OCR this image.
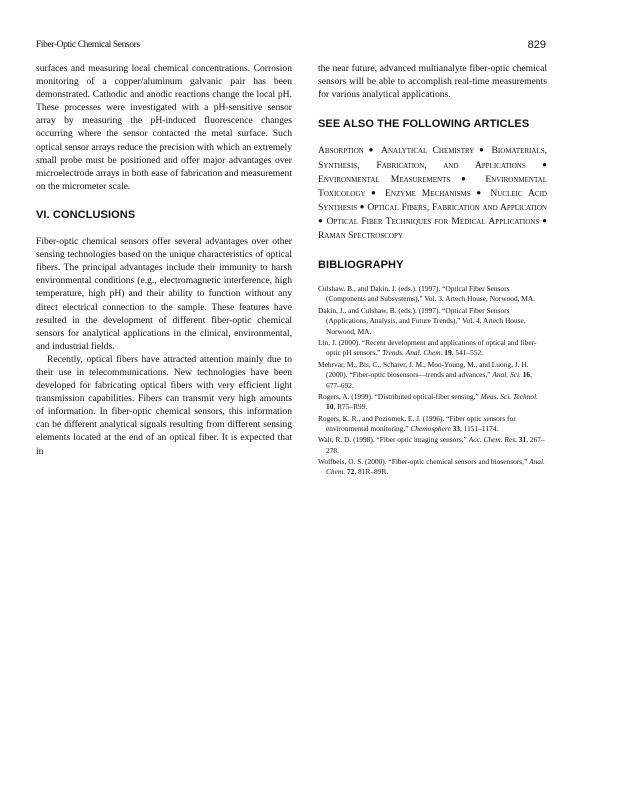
Fiber-Optic Chemical Sensors	829

surfaces and measuring local chemical concentrations. Corrosion monitoring of a copper/aluminum galvanic pair has been demonstrated. Cathodic and anodic reactions change the local pH. These processes were investigated with a pH-sensitive sensor array by measuring the pH-induced fluorescence changes occurring where the sensor contacted the metal surface. Such optical sensor arrays reduce the precision with which an extremely small probe must be positioned and offer major advantages over microelectrode arrays in both ease of fabrication and measurement on the micrometer scale.

VI. CONCLUSIONS

Fiber-optic chemical sensors offer several advantages over other sensing technologies based on the unique characteristics of optical fibers. The principal advantages include their immunity to harsh environmental conditions (e.g., electromagnetic interference, high temperature, high pH) and their ability to function without any direct electrical connection to the sample. These features have resulted in the development of different fiber-optic chemical sensors for analytical applications in the clinical, environmental, and industrial fields.

Recently, optical fibers have attracted attention mainly due to their use in telecommunications. New technologies have been developed for fabricating optical fibers with very efficient light transmission capabilities. Fibers can transmit very high amounts of information. In fiber-optic chemical sensors, this information can be different analytical signals resulting from different sensing elements located at the end of an optical fiber. It is expected that in

the near future, advanced multianalyte fiber-optic chemical sensors will be able to accomplish real-time measurements for various analytical applications.

SEE ALSO THE FOLLOWING ARTICLES
Absorption ● Analytical Chemistry ● Biomaterials, Synthesis, Fabrication, and Applications ● Environmental Measurements ● Environmental Toxicology ● Enzyme Mechanisms ● Nucleic Acid Synthesis ● Optical Fibers, Fabrication and Application ● Optical Fiber Techniques for Medical Applications ● Raman Spectroscopy
BIBLIOGRAPHY

Culshaw, B., and Dakin, J. (eds.). (1997). “Optical Fiber Sensors (Components and Subsystems),” Vol. 3, Artech House, Norwood, MA.

Dakin, J., and Culshaw, B. (eds.). (1997). “Optical Fiber Sensors (Applications, Analysis, and Future Trends),” Vol. 4, Artech House, Norwood, MA.

Lin, J. (2000). “Recent development and applications of optical and fiber-optic pH sensors,” Trends. Anal. Chem. 19, 541–552.

Mehrvar, M., Bis, C., Scharer, J. M., Moo-Young, M., and Luong, J. H. (2000). “Fiber-optic biosensors—trends and advances,” Anal. Sci. 16, 677–692.

Rogers, A. (1999). “Distributed optical-fiber sensing,” Meas. Sci. Technol. 10, R75–R99.

Rogers, K. R., and Poziomek, E. J. (1996). “Fiber optic sensors for environmental monitoring,” Chemosphere 33, 1151–1174.

Walt, R. D. (1998). “Fiber optic imaging sensors,” Acc. Chem. Res. 31, 267–278.

Wolfbeis, O. S. (2000). “Fiber-optic chemical sensors and biosensors,” Anal. Chem. 72, 81R–89R.
